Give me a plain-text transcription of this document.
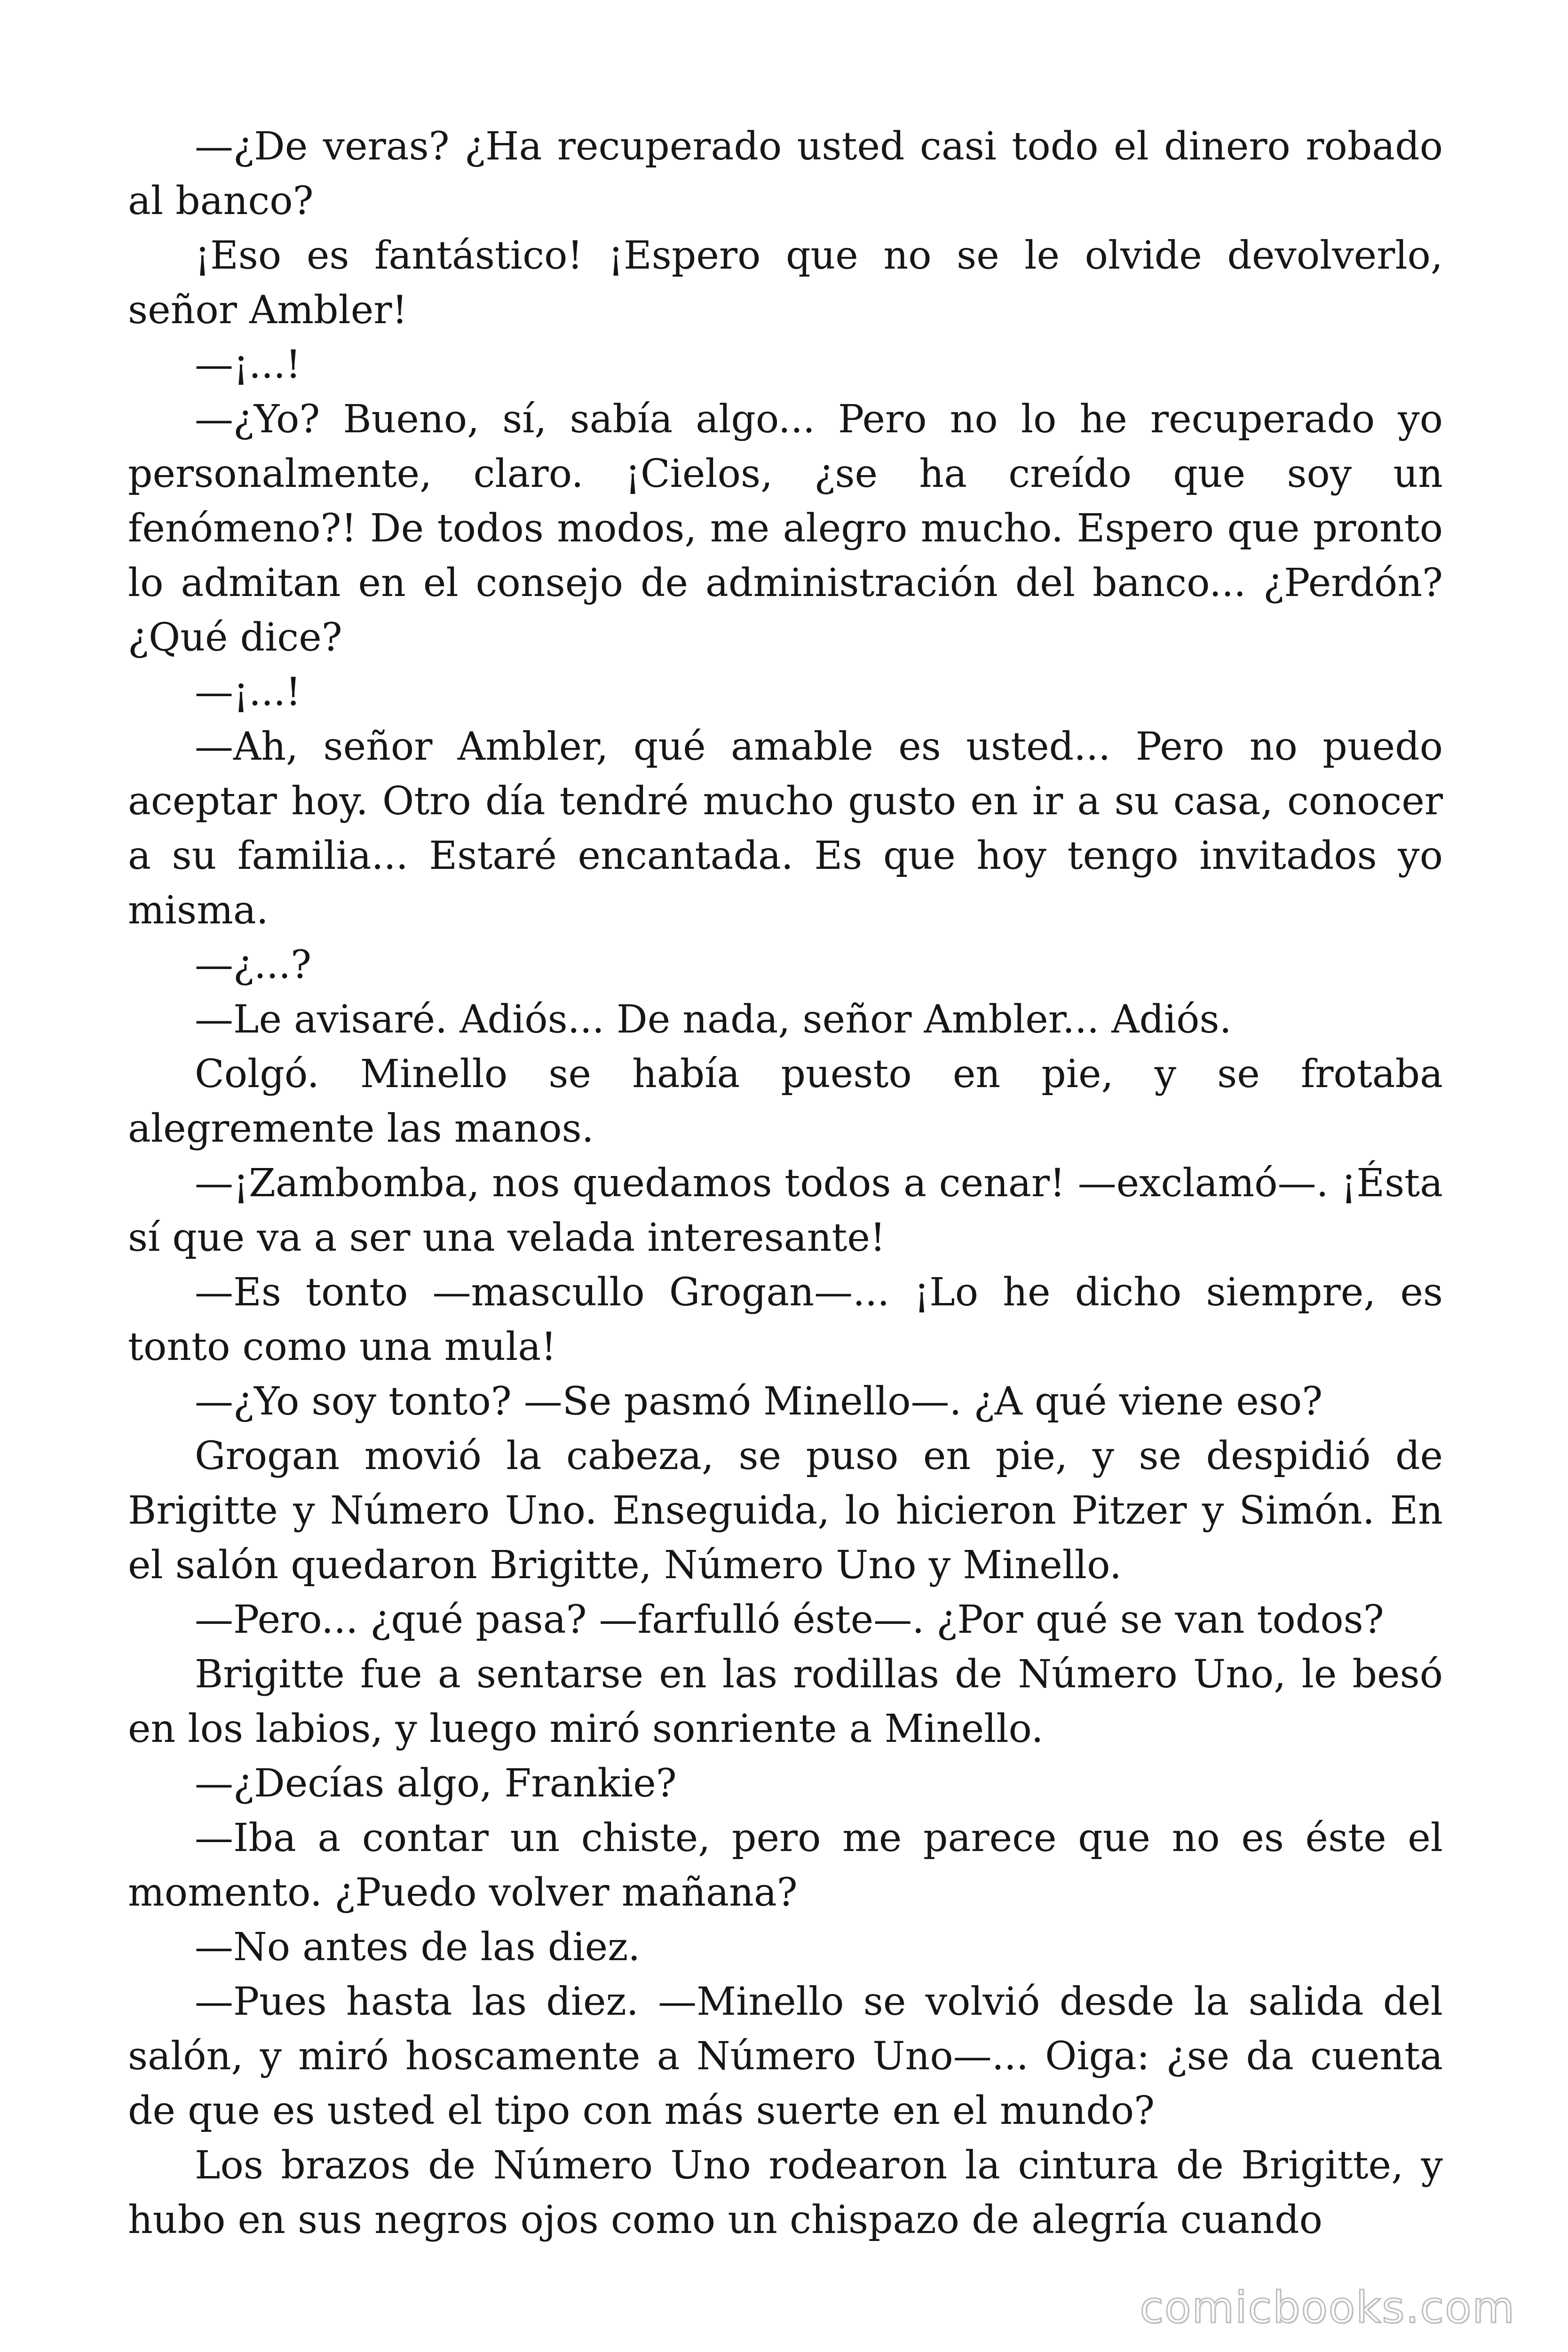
—¿De veras? ¿Ha recuperado usted casi todo el dinero robado al banco?

¡Eso es fantástico! ¡Espero que no se le olvide devolverlo, señor Ambler!

—¡...!

—¿Yo? Bueno, sí, sabía algo... Pero no lo he recuperado yo personalmente, claro. ¡Cielos, ¿se ha creído que soy un fenómeno?! De todos modos, me alegro mucho. Espero que pronto lo admitan en el consejo de administración del banco... ¿Perdón? ¿Qué dice?

—¡...!

—Ah, señor Ambler, qué amable es usted... Pero no puedo aceptar hoy. Otro día tendré mucho gusto en ir a su casa, conocer a su familia... Estaré encantada. Es que hoy tengo invitados yo misma.

—¿...?

—Le avisaré. Adiós... De nada, señor Ambler... Adiós.

Colgó. Minello se había puesto en pie, y se frotaba alegremente las manos.

—¡Zambomba, nos quedamos todos a cenar! —exclamó—. ¡Ésta sí que va a ser una velada interesante!

—Es tonto —mascullo Grogan—... ¡Lo he dicho siempre, es tonto como una mula!

—¿Yo soy tonto? —Se pasmó Minello—. ¿A qué viene eso?

Grogan movió la cabeza, se puso en pie, y se despidió de Brigitte y Número Uno. Enseguida, lo hicieron Pitzer y Simón. En el salón quedaron Brigitte, Número Uno y Minello.

—Pero... ¿qué pasa? —farfulló éste—. ¿Por qué se van todos?

Brigitte fue a sentarse en las rodillas de Número Uno, le besó en los labios, y luego miró sonriente a Minello.

—¿Decías algo, Frankie?

—Iba a contar un chiste, pero me parece que no es éste el momento. ¿Puedo volver mañana?

—No antes de las diez.

—Pues hasta las diez. —Minello se volvió desde la salida del salón, y miró hoscamente a Número Uno—... Oiga: ¿se da cuenta de que es usted el tipo con más suerte en el mundo?

Los brazos de Número Uno rodearon la cintura de Brigitte, y hubo en sus negros ojos como un chispazo de alegría cuando

comicbooks.com
